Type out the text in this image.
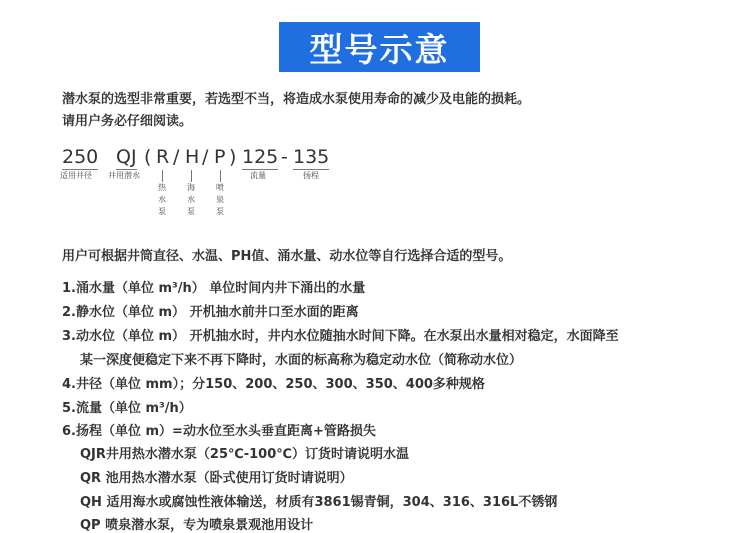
型号示意
潜水泵的选型非常重要，若选型不当，将造成水泵使用寿命的减少及电能的损耗。
请用户务必仔细阅读。
250
适用井径
QJ
井用潜水
( R / H / P ) 125
流量
- 135
扬程
热
水
泵
海
水
泵
喷
泉
泵
用户可根据井筒直径、水温、PH值、涌水量、动水位等自行选择合适的型号。
1.涌水量（单位 m³/h） 单位时间内井下涌出的水量
2.静水位（单位 m） 开机抽水前井口至水面的距离
3.动水位（单位 m） 开机抽水时，井内水位随抽水时间下降。在水泵出水量相对稳定，水面降至
某一深度便稳定下来不再下降时，水面的标高称为稳定动水位（简称动水位）
4.井径（单位 mm）；分150、200、250、300、350、400多种规格
5.流量（单位 m³/h）
6.扬程（单位 m）=动水位至水头垂直距离+管路损失
QJR井用热水潜水泵（25℃-100℃）订货时请说明水温
QR 池用热水潜水泵（卧式使用订货时请说明）
QH 适用海水或腐蚀性液体输送，材质有3861锡青铜，304、316、316L不锈钢
QP 喷泉潜水泵，专为喷泉景观池用设计
